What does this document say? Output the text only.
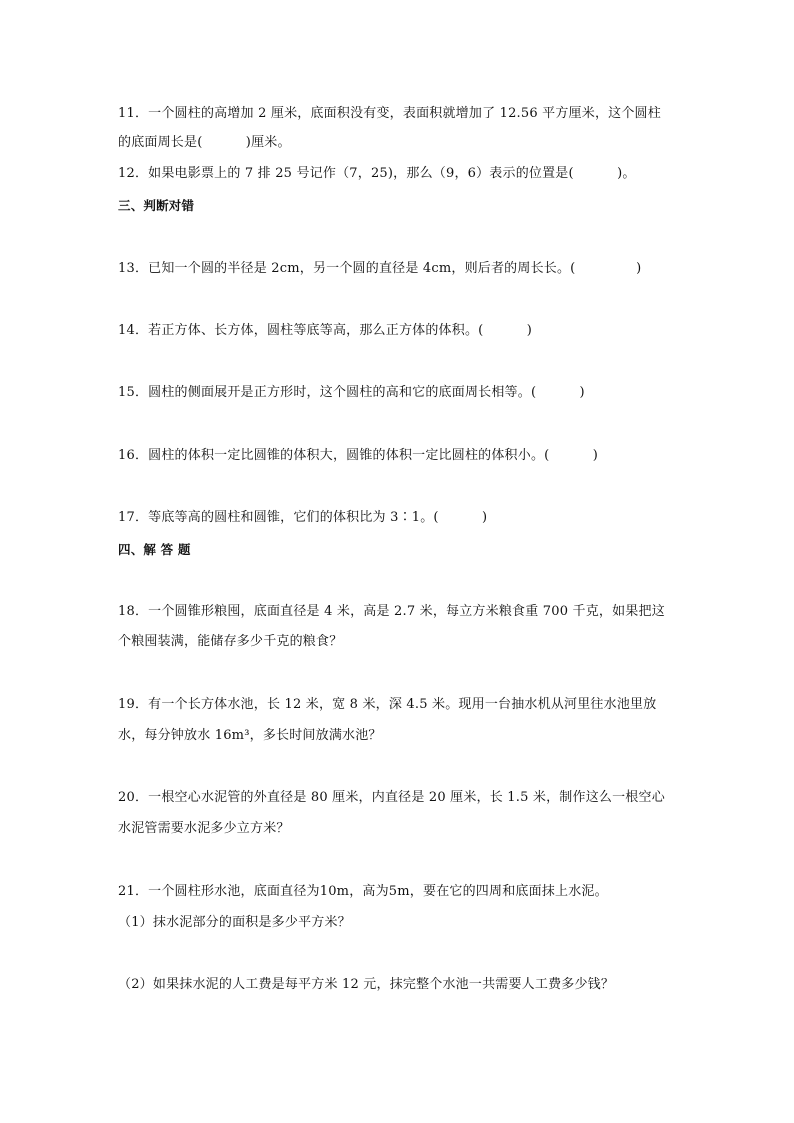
11．一个圆柱的高增加 2 厘米，底面积没有变，表面积就增加了 12.56 平方厘米，这个圆柱
的底面周长是(          )厘米。
12．如果电影票上的 7 排 25 号记作（7，25)，那么（9，6）表示的位置是(          )。
三、判断对错
13．已知一个圆的半径是 2cm，另一个圆的直径是 4cm，则后者的周长长。(              )
14．若正方体、长方体，圆柱等底等高，那么正方体的体积。(          )
15．圆柱的侧面展开是正方形时，这个圆柱的高和它的底面周长相等。(          )
16．圆柱的体积一定比圆锥的体积大，圆锥的体积一定比圆柱的体积小。(          )
17．等底等高的圆柱和圆锥，它们的体积比为 3∶1。(          )
四、解 答 题
18．一个圆锥形粮囤，底面直径是 4 米，高是 2.7 米，每立方米粮食重 700 千克，如果把这
个粮囤装满，能储存多少千克的粮食？
19．有一个长方体水池，长 12 米，宽 8 米，深 4.5 米。现用一台抽水机从河里往水池里放
水，每分钟放水 16m³，多长时间放满水池？
20．一根空心水泥管的外直径是 80 厘米，内直径是 20 厘米，长 1.5 米，制作这么一根空心
水泥管需要水泥多少立方米？
21．一个圆柱形水池，底面直径为10m，高为5m，要在它的四周和底面抹上水泥。
（1）抹水泥部分的面积是多少平方米？
（2）如果抹水泥的人工费是每平方米 12 元，抹完整个水池一共需要人工费多少钱？
